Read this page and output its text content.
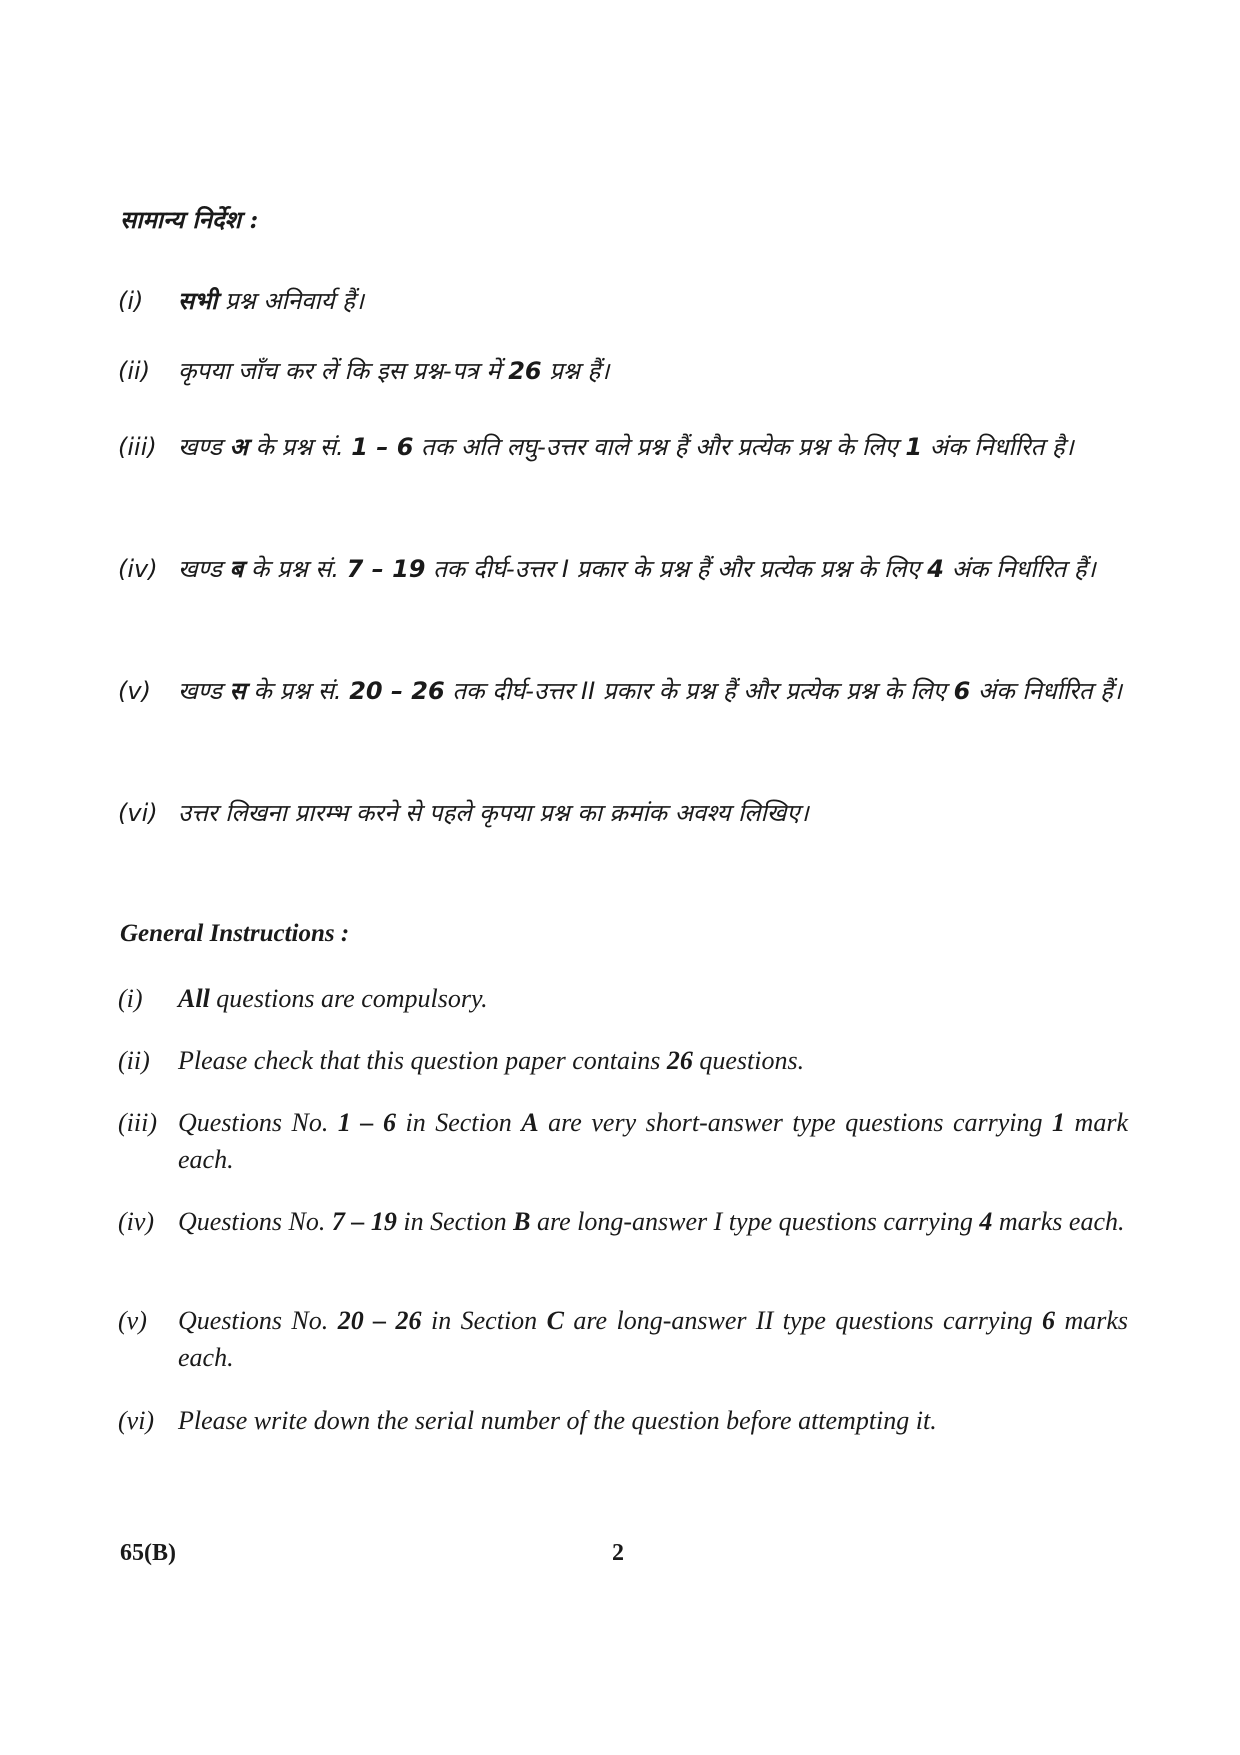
सामान्य निर्देश :
(i)	सभी प्रश्न अनिवार्य हैं।
(ii)	कृपया जाँच कर लें कि इस प्रश्न-पत्र में 26 प्रश्न हैं।
(iii) खण्ड अ के प्रश्न सं. 1 – 6 तक अति लघु-उत्तर वाले प्रश्न हैं और प्रत्येक प्रश्न के लिए 1 अंक निर्धारित है।
(iv) खण्ड ब के प्रश्न सं. 7 – 19 तक दीर्घ-उत्तर I प्रकार के प्रश्न हैं और प्रत्येक प्रश्न के लिए 4 अंक निर्धारित हैं।
(v)	खण्ड स के प्रश्न सं. 20 – 26 तक दीर्घ-उत्तर II प्रकार के प्रश्न हैं और प्रत्येक प्रश्न के लिए 6 अंक निर्धारित हैं।
(vi) उत्तर लिखना प्रारम्भ करने से पहले कृपया प्रश्न का क्रमांक अवश्य लिखिए।
General Instructions :
(i)	All questions are compulsory.
(ii)	Please check that this question paper contains 26 questions.
(iii) Questions No. 1 – 6 in Section A are very short-answer type questions carrying 1 mark each.
(iv) Questions No. 7 – 19 in Section B are long-answer I type questions carrying 4 marks each.
(v)	Questions No. 20 – 26 in Section C are long-answer II type questions carrying 6 marks each.
(vi) Please write down the serial number of the question before attempting it.
65(B)	2
